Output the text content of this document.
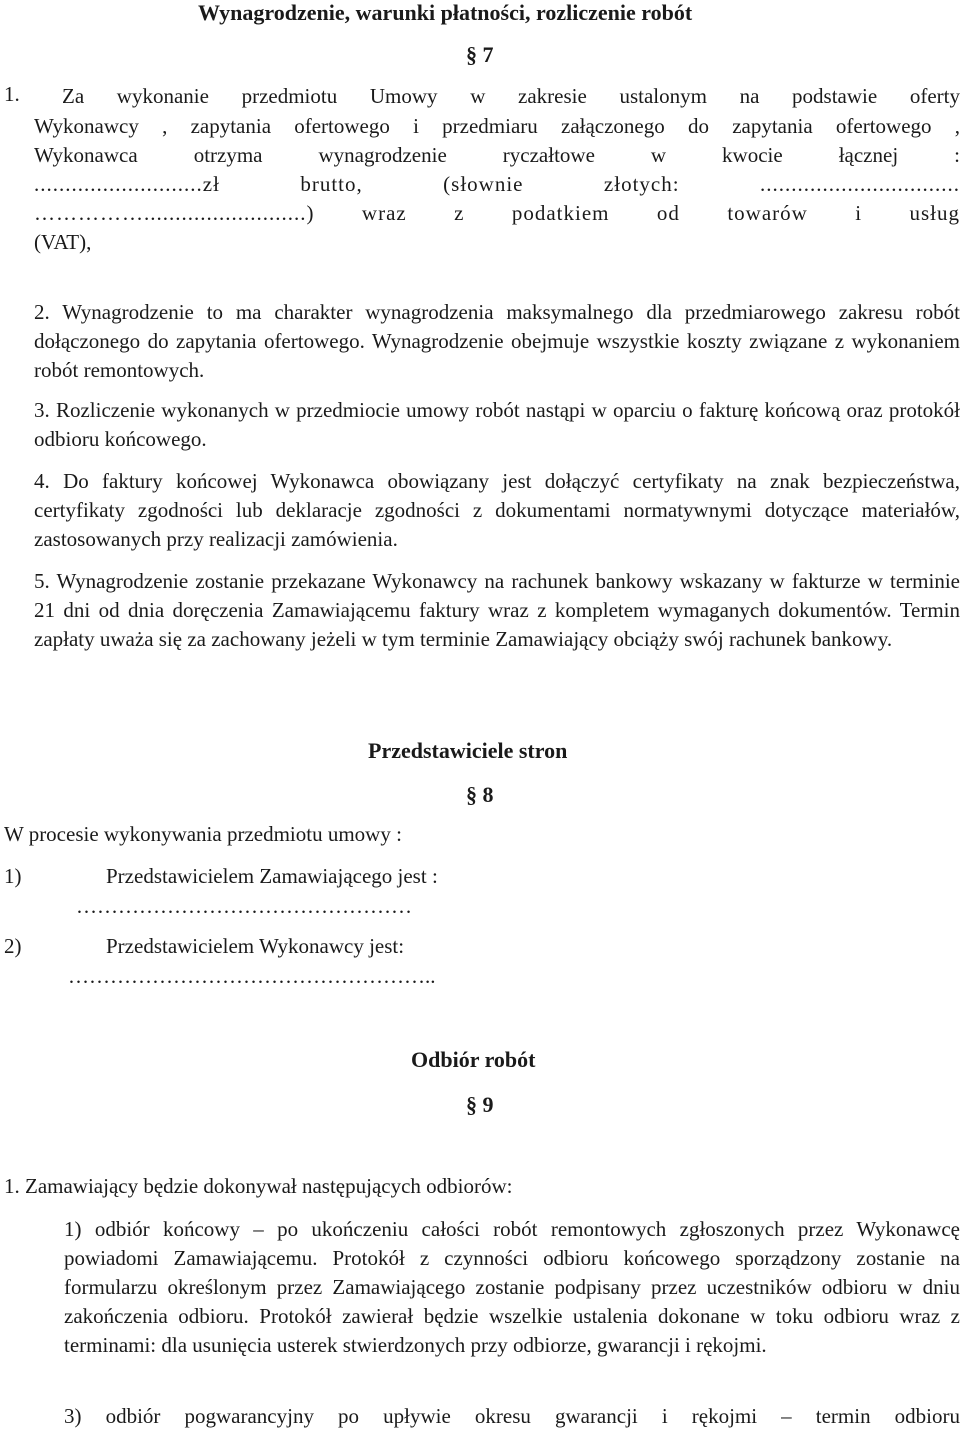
Wynagrodzenie, warunki płatności, rozliczenie robót
§ 7
1. Za wykonanie przedmiotu Umowy w zakresie ustalonym na podstawie oferty
Wykonawcy , zapytania ofertowego i przedmiaru załączonego do zapytania ofertowego ,
Wykonawca otrzyma wynagrodzenie ryczałtowe w kwocie łącznej :
...........................zł brutto, (słownie złotych: ................................
……………..........................) wraz z podatkiem od towarów i usług
(VAT),
2. Wynagrodzenie to ma charakter wynagrodzenia maksymalnego dla przedmiarowego zakresu robót dołączonego do zapytania ofertowego. Wynagrodzenie obejmuje wszystkie koszty związane z wykonaniem robót remontowych.
3. Rozliczenie wykonanych w przedmiocie umowy robót nastąpi w oparciu o fakturę końcową oraz protokół odbioru końcowego.
4. Do faktury końcowej Wykonawca obowiązany jest dołączyć certyfikaty na znak bezpieczeństwa, certyfikaty zgodności lub deklaracje zgodności z dokumentami normatywnymi dotyczące materiałów, zastosowanych przy realizacji zamówienia.
5. Wynagrodzenie zostanie przekazane Wykonawcy na rachunek bankowy wskazany w fakturze w terminie 21 dni od dnia doręczenia Zamawiającemu faktury wraz z kompletem wymaganych dokumentów. Termin zapłaty uważa się za zachowany jeżeli w tym terminie Zamawiający obciąży swój rachunek bankowy.
Przedstawiciele stron
§ 8
W procesie wykonywania przedmiotu umowy :
1)	Przedstawicielem Zamawiającego jest :
…………………………………………
2)	Przedstawicielem Wykonawcy jest:
……………………………………………..
Odbiór robót
§ 9
1. Zamawiający będzie dokonywał następujących odbiorów:
1) odbiór końcowy – po ukończeniu całości robót remontowych zgłoszonych przez Wykonawcę powiadomi Zamawiającemu. Protokół z czynności odbioru końcowego sporządzony zostanie na formularzu określonym przez Zamawiającego zostanie podpisany przez uczestników odbioru w dniu zakończenia odbioru. Protokół zawierał będzie wszelkie ustalenia dokonane w toku odbioru wraz z terminami: dla usunięcia usterek stwierdzonych przy odbiorze, gwarancji i rękojmi.
3) odbiór pogwarancyjny po upływie okresu gwarancji i rękojmi – termin odbioru
